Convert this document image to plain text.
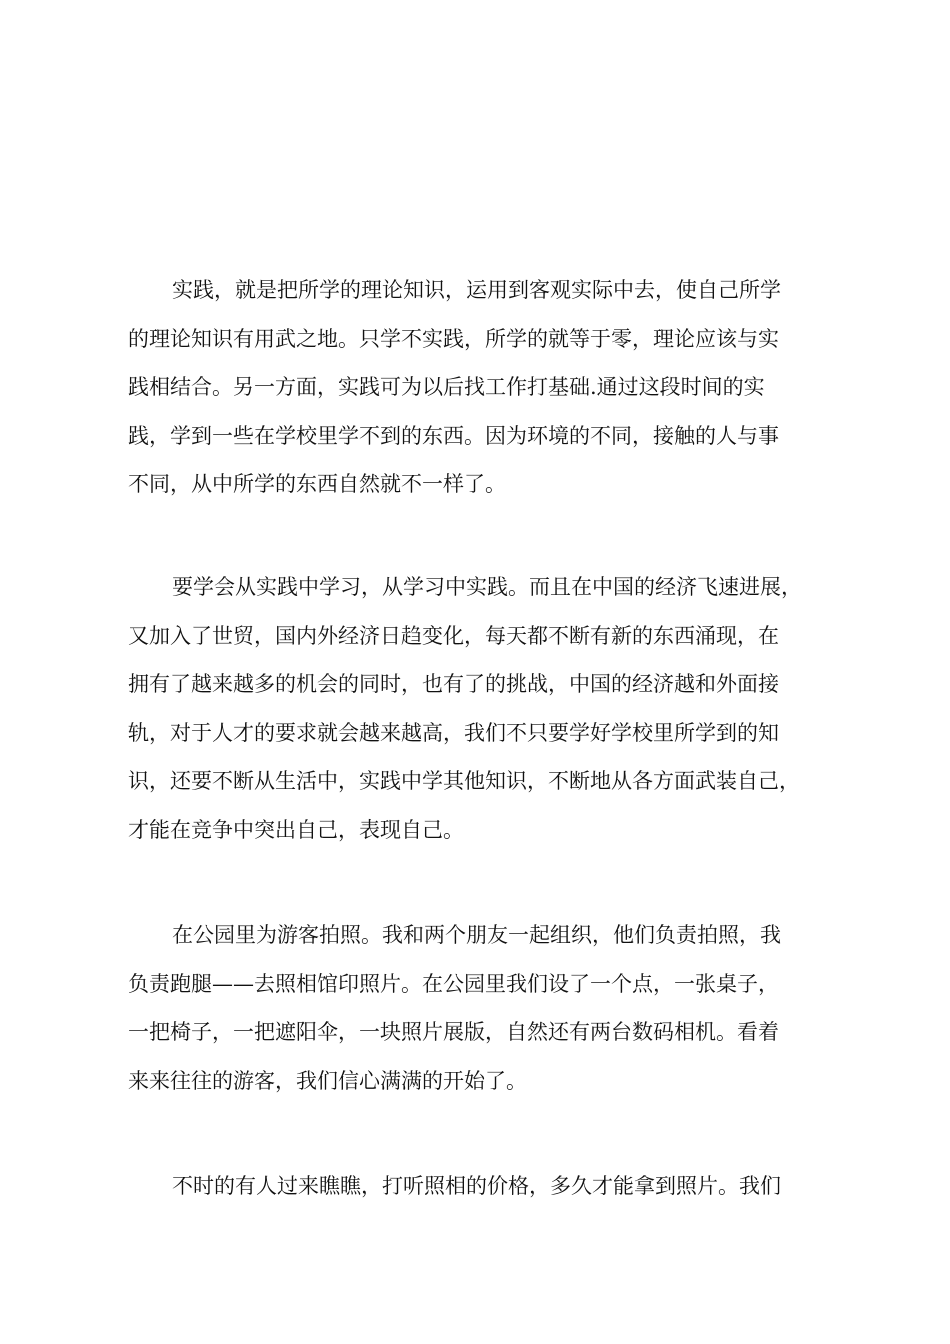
实践，就是把所学的理论知识，运用到客观实际中去，使自己所学
的理论知识有用武之地。只学不实践，所学的就等于零，理论应该与实
践相结合。另一方面，实践可为以后找工作打基础.通过这段时间的实
践，学到一些在学校里学不到的东西。因为环境的不同，接触的人与事
不同，从中所学的东西自然就不一样了。

要学会从实践中学习，从学习中实践。而且在中国的经济飞速进展，
又加入了世贸，国内外经济日趋变化，每天都不断有新的东西涌现，在
拥有了越来越多的机会的同时，也有了的挑战，中国的经济越和外面接
轨，对于人才的要求就会越来越高，我们不只要学好学校里所学到的知
识，还要不断从生活中，实践中学其他知识，不断地从各方面武装自己，
才能在竞争中突出自己，表现自己。

在公园里为游客拍照。我和两个朋友一起组织，他们负责拍照，我
负责跑腿——去照相馆印照片。在公园里我们设了一个点，一张桌子，
一把椅子，一把遮阳伞，一块照片展版，自然还有两台数码相机。看着
来来往往的游客，我们信心满满的开始了。

不时的有人过来瞧瞧，打听照相的价格，多久才能拿到照片。我们
